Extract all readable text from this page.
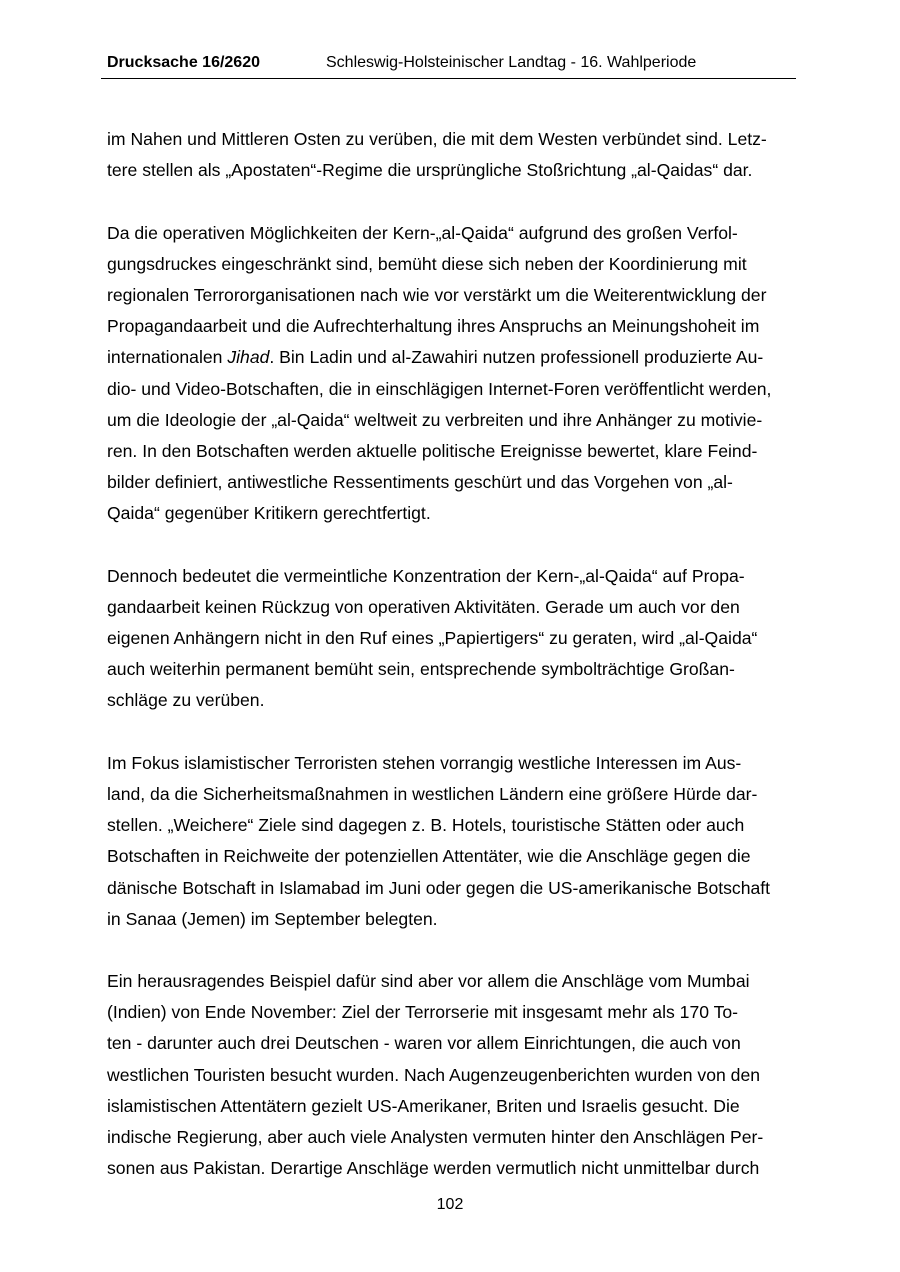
Drucksache 16/2620	Schleswig-Holsteinischer Landtag - 16. Wahlperiode
im Nahen und Mittleren Osten zu verüben, die mit dem Westen verbündet sind. Letz-
tere stellen als „Apostaten“-Regime die ursprüngliche Stoßrichtung „al-Qaidas“ dar.
Da die operativen Möglichkeiten der Kern-„al-Qaida“ aufgrund des großen Verfol-
gungsdruckes eingeschränkt sind, bemüht diese sich neben der Koordinierung mit
regionalen Terrororganisationen nach wie vor verstärkt um die Weiterentwicklung der
Propagandaarbeit und die Aufrechterhaltung ihres Anspruchs an Meinungshoheit im
internationalen Jihad. Bin Ladin und al-Zawahiri nutzen professionell produzierte Au-
dio- und Video-Botschaften, die in einschlägigen Internet-Foren veröffentlicht werden,
um die Ideologie der „al-Qaida“ weltweit zu verbreiten und ihre Anhänger zu motivie-
ren. In den Botschaften werden aktuelle politische Ereignisse bewertet, klare Feind-
bilder definiert, antiwestliche Ressentiments geschürt und das Vorgehen von „al-
Qaida“ gegenüber Kritikern gerechtfertigt.
Dennoch bedeutet die vermeintliche Konzentration der Kern-„al-Qaida“ auf Propa-
gandaarbeit keinen Rückzug von operativen Aktivitäten. Gerade um auch vor den
eigenen Anhängern nicht in den Ruf eines „Papiertigers“ zu geraten, wird „al-Qaida“
auch weiterhin permanent bemüht sein, entsprechende symbolträchtige Großan-
schläge zu verüben.
Im Fokus islamistischer Terroristen stehen vorrangig westliche Interessen im Aus-
land, da die Sicherheitsmaßnahmen in westlichen Ländern eine größere Hürde dar-
stellen. „Weichere“ Ziele sind dagegen z. B. Hotels, touristische Stätten oder auch
Botschaften in Reichweite der potenziellen Attentäter, wie die Anschläge gegen die
dänische Botschaft in Islamabad im Juni oder gegen die US-amerikanische Botschaft
in Sanaa (Jemen) im September belegten.
Ein herausragendes Beispiel dafür sind aber vor allem die Anschläge vom Mumbai
(Indien) von Ende November: Ziel der Terrorserie mit insgesamt mehr als 170 To-
ten - darunter auch drei Deutschen - waren vor allem Einrichtungen, die auch von
westlichen Touristen besucht wurden. Nach Augenzeugenberichten wurden von den
islamistischen Attentätern gezielt US-Amerikaner, Briten und Israelis gesucht. Die
indische Regierung, aber auch viele Analysten vermuten hinter den Anschlägen Per-
sonen aus Pakistan. Derartige Anschläge werden vermutlich nicht unmittelbar durch
102
